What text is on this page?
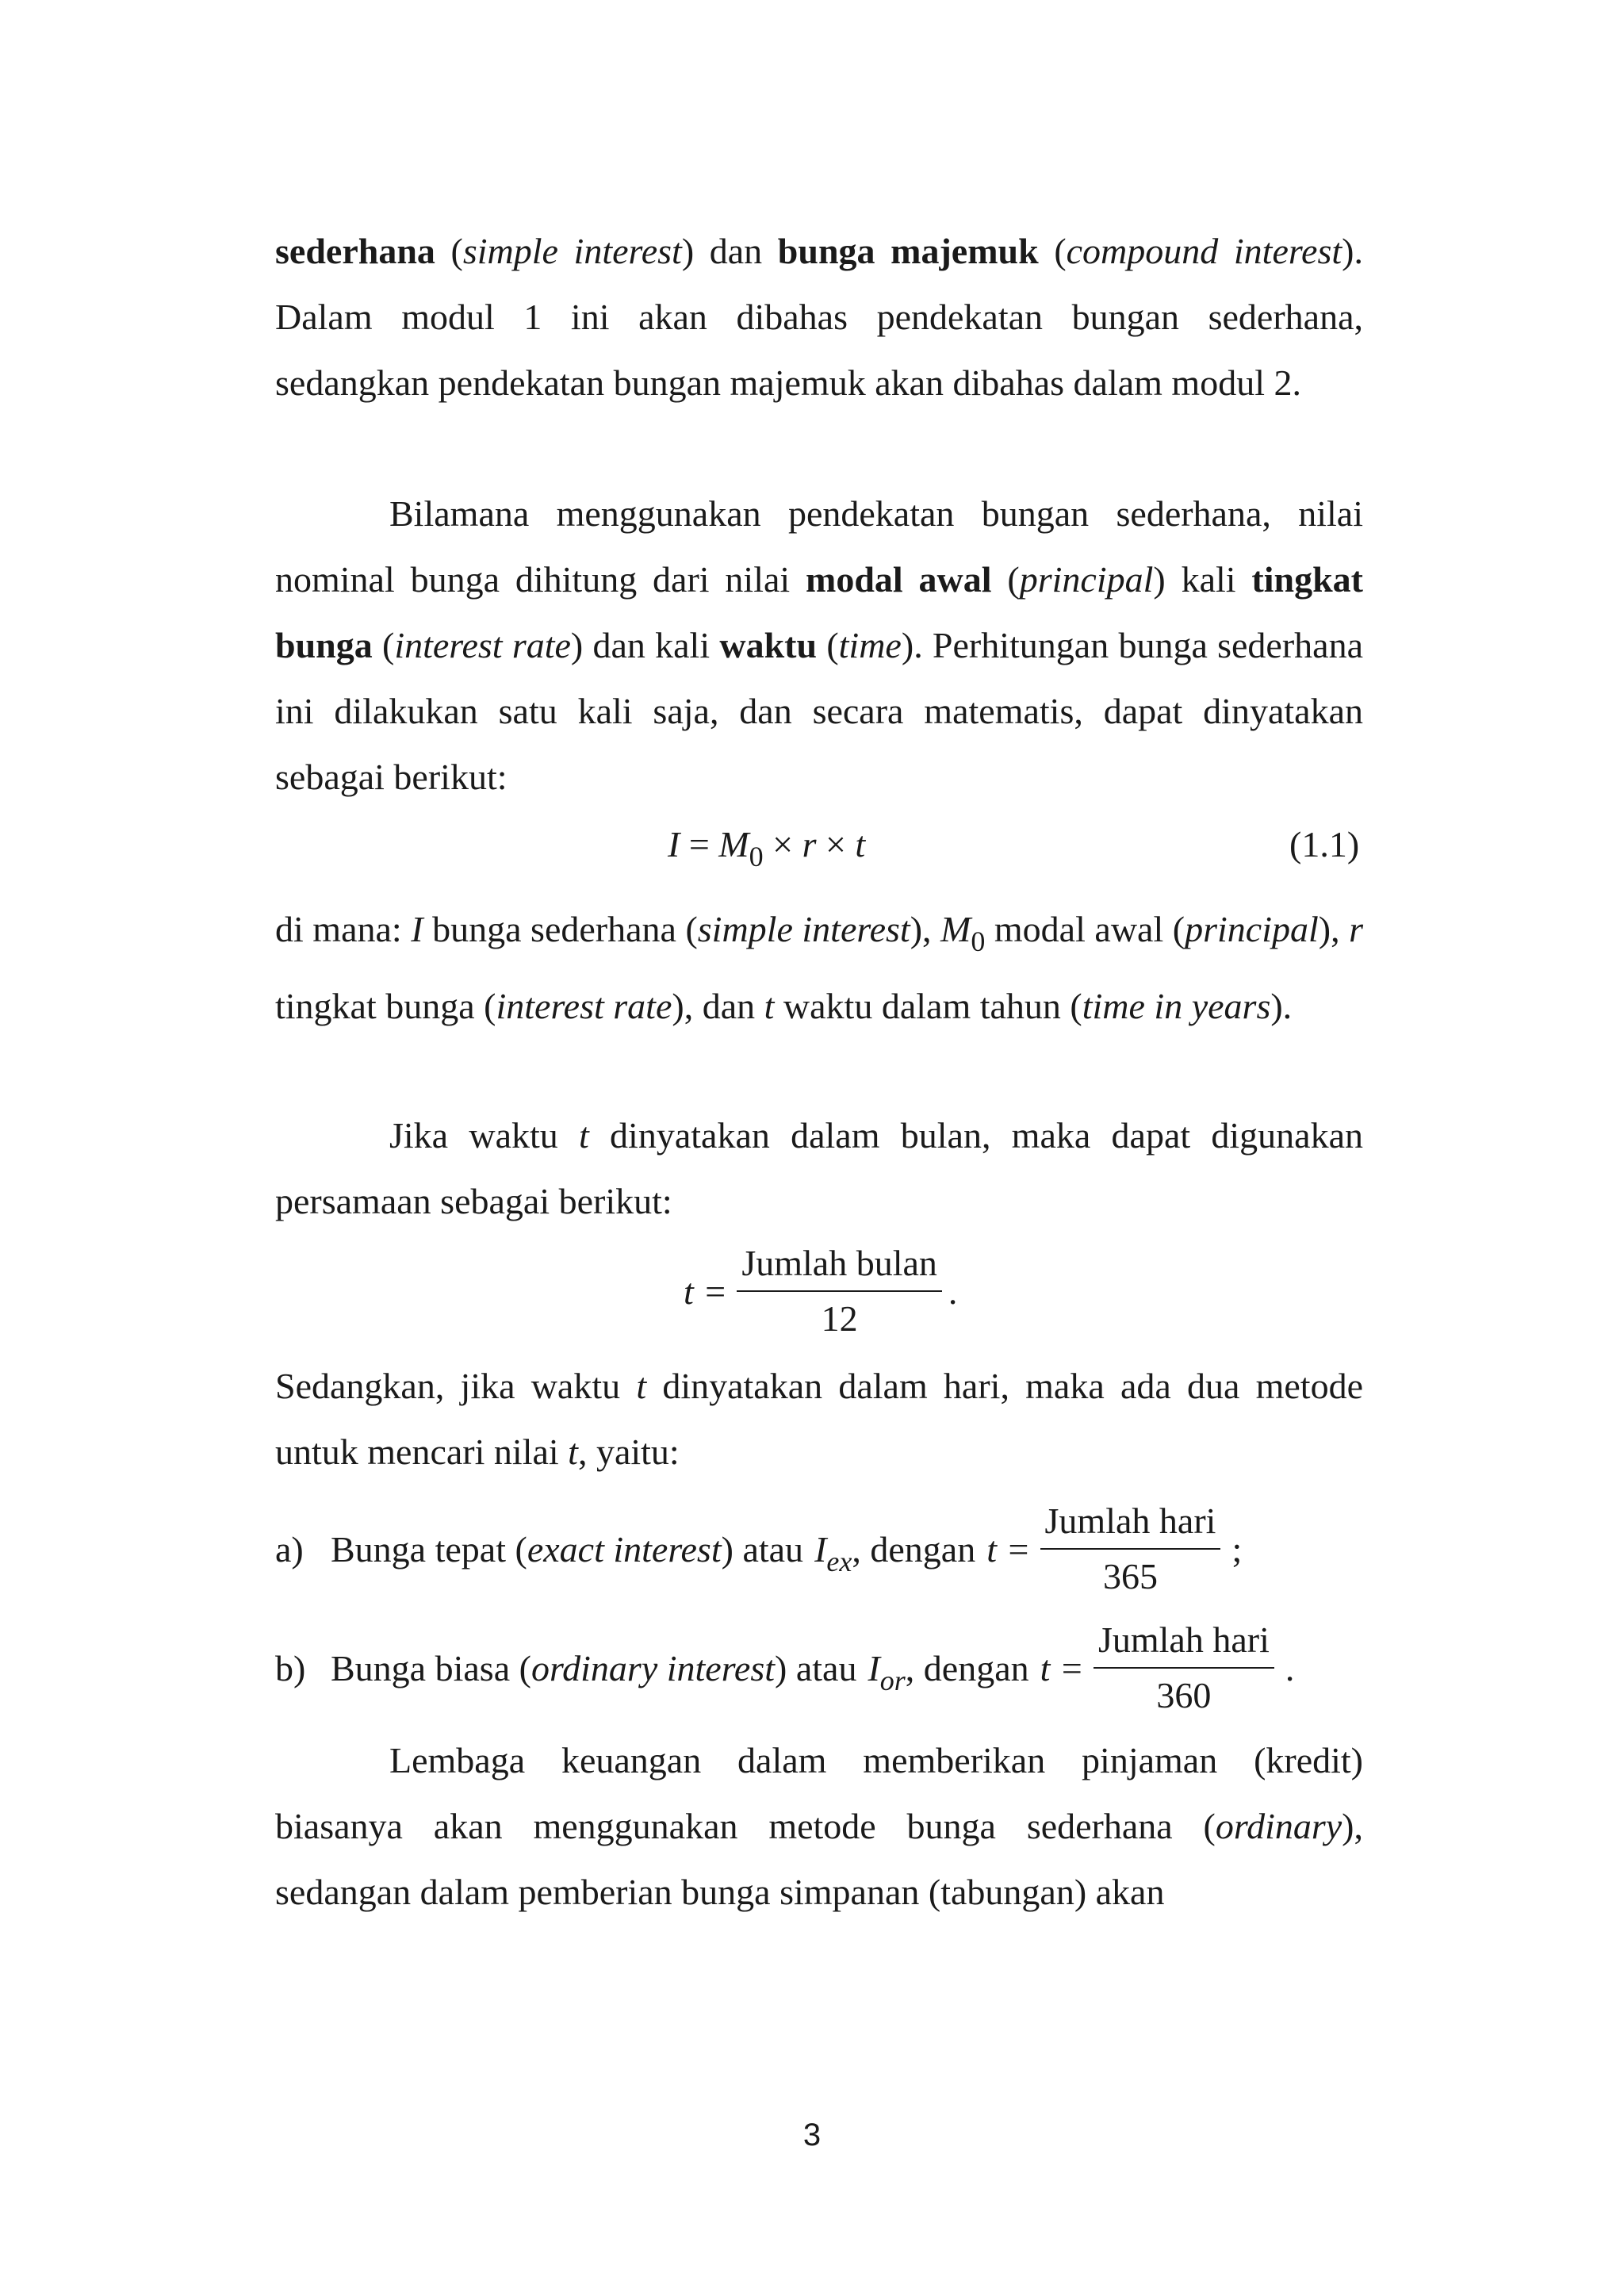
sederhana (simple interest) dan bunga majemuk (compound interest). Dalam modul 1 ini akan dibahas pendekatan bungan sederhana, sedangkan pendekatan bungan majemuk akan dibahas dalam modul 2.

Bilamana menggunakan pendekatan bungan sederhana, nilai nominal bunga dihitung dari nilai modal awal (principal) kali tingkat bunga (interest rate) dan kali waktu (time). Perhitungan bunga sederhana ini dilakukan satu kali saja, dan secara matematis, dapat dinyatakan sebagai berikut:

$I = M_0 \times r \times t$	(1.1)

di mana: I bunga sederhana (simple interest), $M_0$ modal awal (principal), r tingkat bunga (interest rate), dan t waktu dalam tahun (time in years).

Jika waktu t dinyatakan dalam bulan, maka dapat digunakan persamaan sebagai berikut:

$t = \frac{\text{Jumlah bulan}}{12}$ .

Sedangkan, jika waktu t dinyatakan dalam hari, maka ada dua metode untuk mencari nilai t, yaitu:

a) Bunga tepat ( exact interest ) atau $I_{ex}$ , dengan $t = \frac{\text{Jumlah hari}}{365}$ ;
b) Bunga biasa ( ordinary interest ) atau $I_{or}$ , dengan $t = \frac{\text{Jumlah hari}}{360}$ .

Lembaga keuangan dalam memberikan pinjaman (kredit) biasanya akan menggunakan metode bunga sederhana (ordinary), sedangan dalam pemberian bunga simpanan (tabungan) akan

3
